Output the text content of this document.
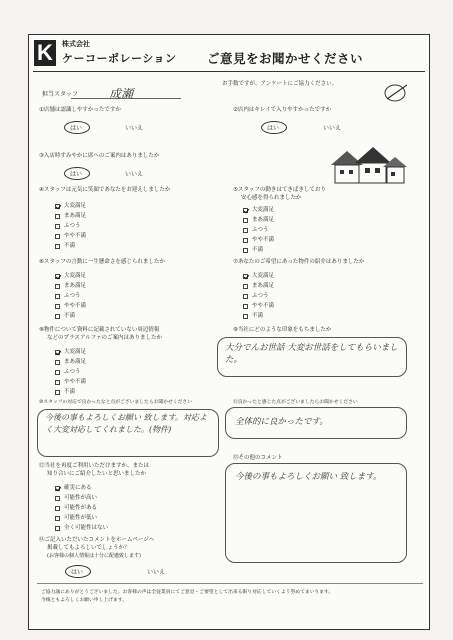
K	株式会社
ケーコーポレーション ご意見をお聞かせください
お手数ですが、アンケートにご協力ください。
担当スタッフ	成瀬
①店舗は認識しやすかったですか
はい	いいえ
②店内はキレイで入りやすかったですか
はい	いいえ
③入店時すみやかに席へのご案内はありましたか
はい	いいえ
④スタッフは元気に笑顔であなたをお迎えしましたか
大変満足
まあ満足
ふつう
やや不満
不満
⑤スタッフの動きはてきぱきしており
安心感を得られましたか
大変満足
まあ満足
ふつう
やや不満
不満
⑥スタッフの言動に一生懸命さを感じられましたか
大変満足
まあ満足
ふつう
やや不満
不満
⑦あなたのご希望にあった物件の紹介はありましたか
大変満足
まあ満足
ふつう
やや不満
不満
⑧物件について資料に記載されていない周辺情報
などのプラスアルファのご案内はありましたか
大変満足
まあ満足
ふつう
やや不満
不満
⑨当社にどのような印象をもちましたか
大分でんお世話 大変お世話をしてもらいました。
⑩スタッフの対応で良かったなと点がございましたらお聞かせください
今後の事もよろしくお願い 致します。対応よく大変対応してくれました。(物件)
⑪良かったと感じた点がございましたらお聞かせください
全体的に良かったです。
⑫当社を再度ご利用いただけますか、または
知り合いにご紹介したいと思いましたか
確実にある
可能性が高い
可能性がある
可能性が低い
全く可能性はない
⑬その他のコメント
今後の事もよろしくお願い 致します。
⑭ご記入いただいたコメントをホームページへ
掲載してもよろしいでしょうか？
(お客様の個人情報は十分に配慮致します)
はい	いいえ
ご協力誠にありがとうございました。お客様の声は全従業員にてご意見・ご要望として出来る限り対応していくよう努めてまいります。
今後ともよろしくお願い申し上げます。
